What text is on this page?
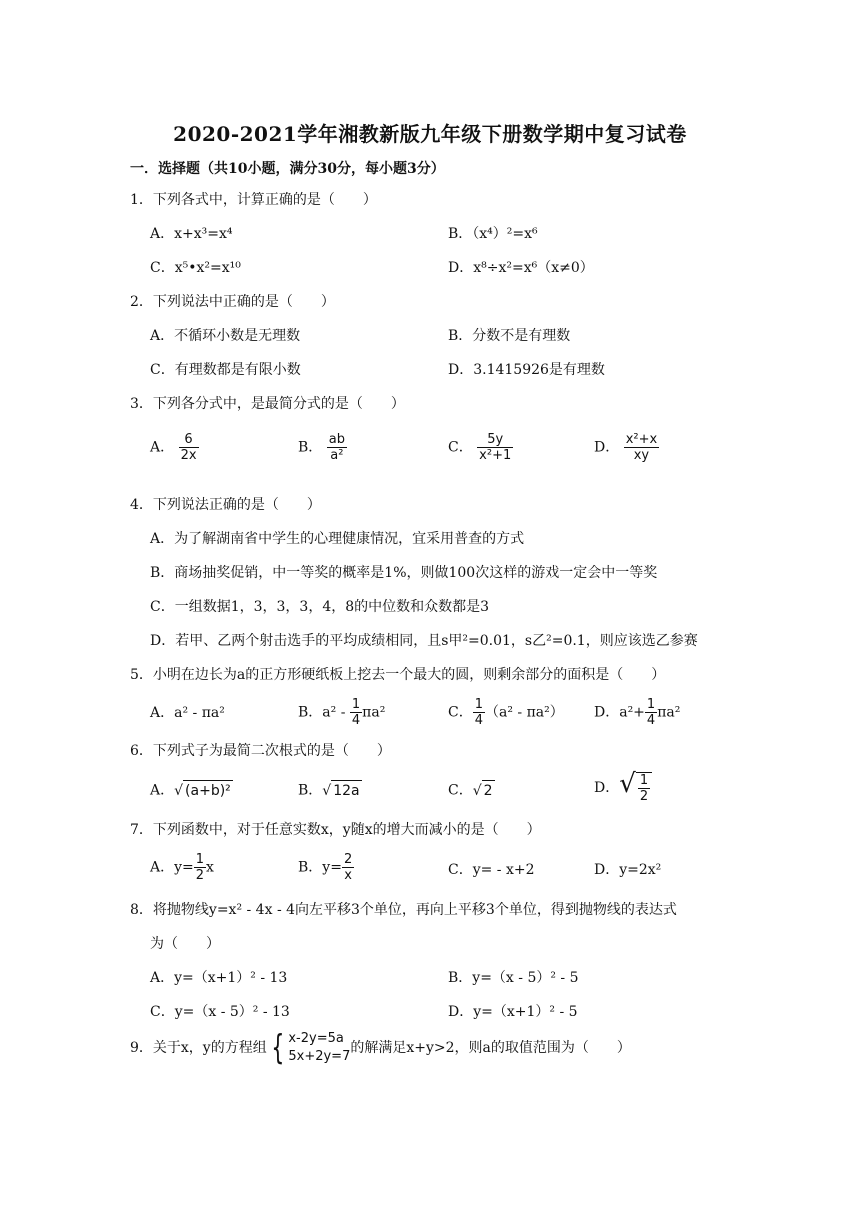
2020-2021学年湘教新版九年级下册数学期中复习试卷
一．选择题（共10小题，满分30分，每小题3分）
1．下列各式中，计算正确的是（　　）
A．x+x³=x⁴	B．（x⁴）²=x⁶
C．x⁵•x²=x¹⁰	D．x⁸÷x²=x⁶（x≠0）
2．下列说法中正确的是（　　）
A．不循环小数是无理数	B．分数不是有理数
C．有理数都是有限小数	D．3.1415926是有理数
3．下列各分式中，是最简分式的是（　　）
A． $\frac{6}{2x}$	B． $\frac{ab}{\text{a²}}$	C． $\frac{5y}{\text{x²+1}}$	D． $\frac{\text{x²+x}}{xy}$
4．下列说法正确的是（　　）
A．为了解湖南省中学生的心理健康情况，宜采用普查的方式
B．商场抽奖促销，中一等奖的概率是1%，则做100次这样的游戏一定会中一等奖
C．一组数据1，3，3，3，4，8的中位数和众数都是3
D．若甲、乙两个射击选手的平均成绩相同，且s甲²=0.01，s乙²=0.1，则应该选乙参赛
5．小明在边长为a的正方形硬纸板上挖去一个最大的圆，则剩余部分的面积是（　　）
A．a² - πa²	B．$a^2 - \frac{1}{4} \pi a^2$	C． $\frac{1}{4} (a^2 - \pi a^2)$ D．$a^2+ \frac{1}{4} \pi a^2$
6．下列式子为最简二次根式的是（　　）
A．√ (a+b)²	B．√ 12a	C．√ 2	D．√ $\frac{1}{2}$
7．下列函数中，对于任意实数x，y随x的增大而减小的是（　　）
A．$y= \frac{1}{2}$ x	B．$y= \frac{2}{x}$	C．y= - x+2	D．y=2x²
8．将抛物线y=x² - 4x - 4向左平移3个单位，再向上平移3个单位，得到抛物线的表达式
为（　　）
A．y=（x+1）² - 13	B．y=（x - 5）² - 5
C．y=（x - 5）² - 13	D．y=（x+1）² - 5
9．关于x，y的方程组 { x-2y=5a
5x+2y=7
的解满足x+y>2，则a的取值范围为（　　）
